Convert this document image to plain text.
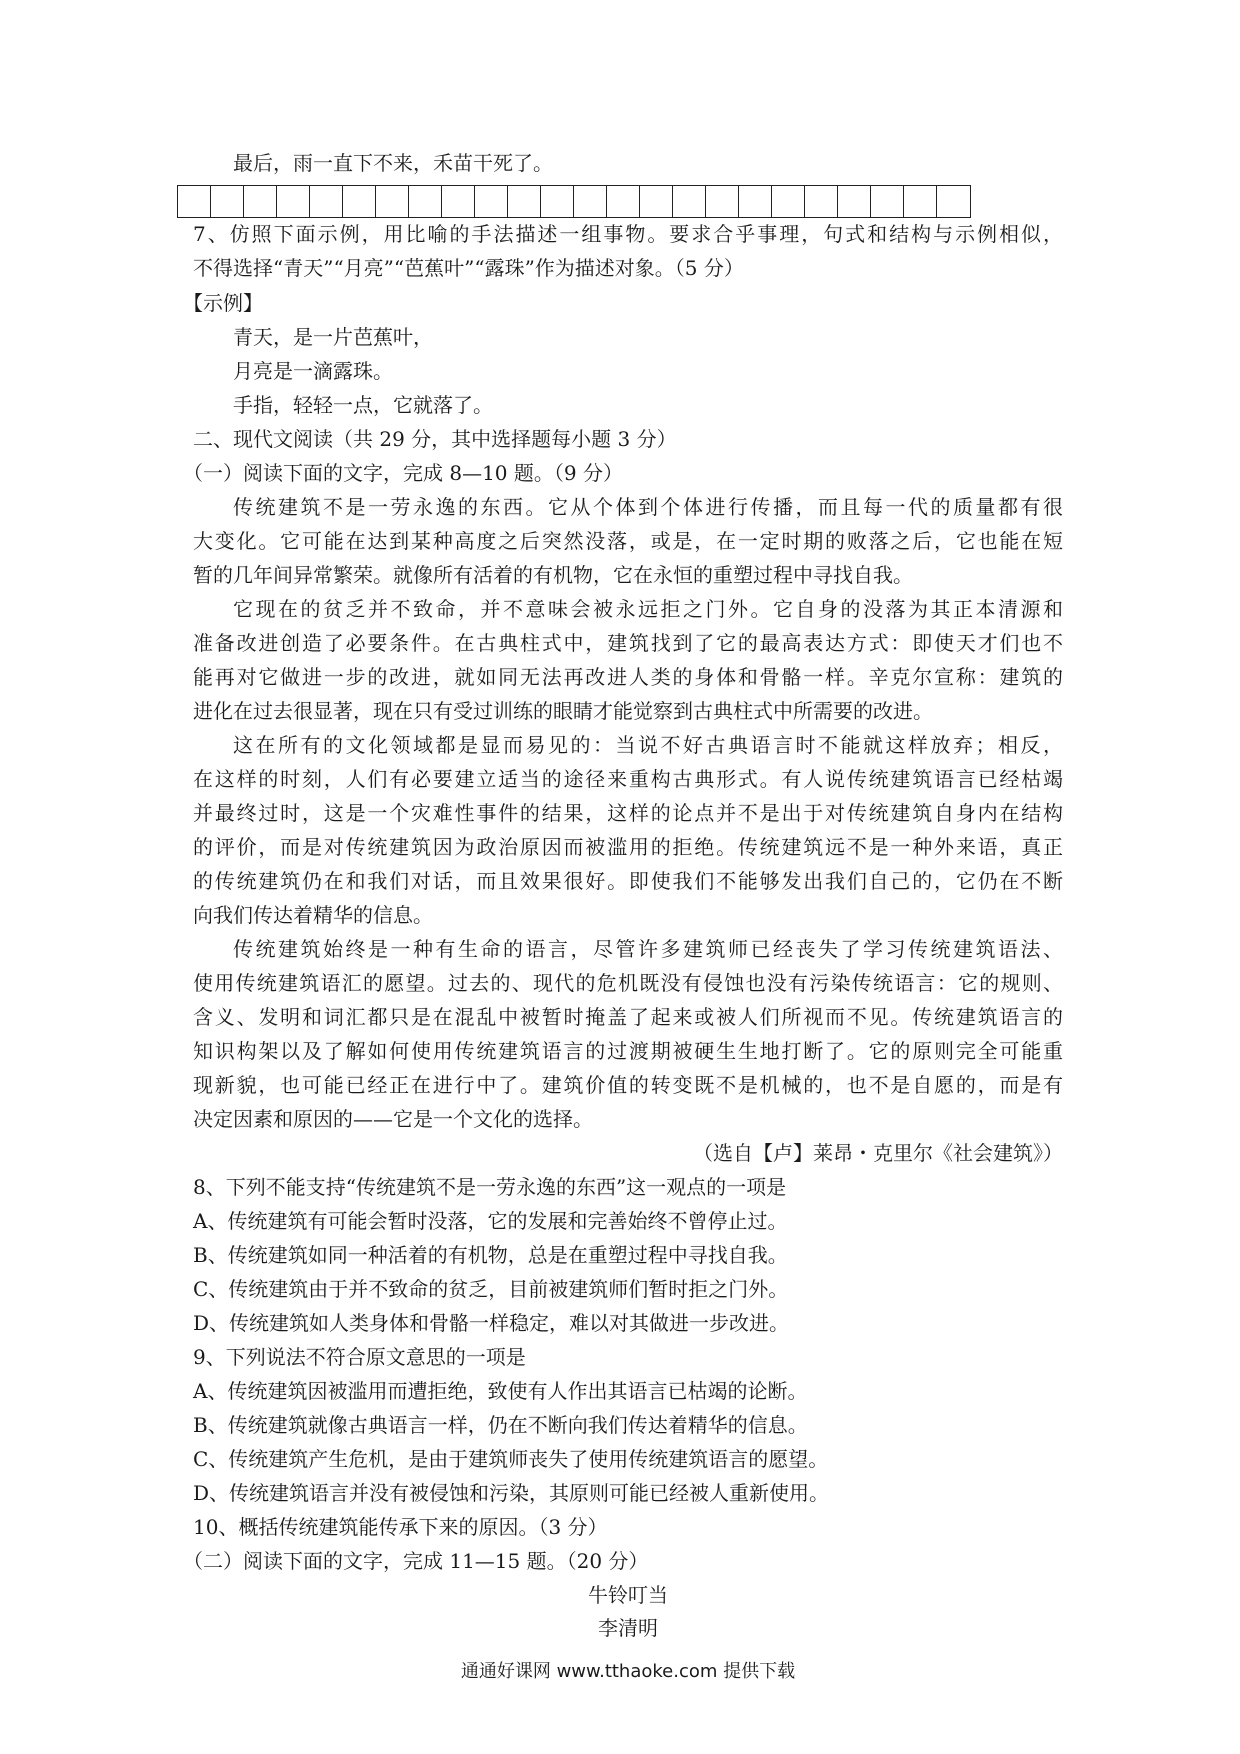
最后，雨一直下不来，禾苗干死了。
7、仿照下面示例，用比喻的手法描述一组事物。要求合乎事理，句式和结构与示例相似，
不得选择“青天”“月亮”“芭蕉叶”“露珠”作为描述对象。（5 分）
【示例】
青天，是一片芭蕉叶，
月亮是一滴露珠。
手指，轻轻一点，它就落了。
二、现代文阅读（共 29 分，其中选择题每小题 3 分）
（一）阅读下面的文字，完成 8—10 题。（9 分）
传统建筑不是一劳永逸的东西。它从个体到个体进行传播，而且每一代的质量都有很
大变化。它可能在达到某种高度之后突然没落，或是，在一定时期的败落之后，它也能在短
暂的几年间异常繁荣。就像所有活着的有机物，它在永恒的重塑过程中寻找自我。
它现在的贫乏并不致命，并不意味会被永远拒之门外。它自身的没落为其正本清源和
准备改进创造了必要条件。在古典柱式中，建筑找到了它的最高表达方式：即使天才们也不
能再对它做进一步的改进，就如同无法再改进人类的身体和骨骼一样。辛克尔宣称：建筑的
进化在过去很显著，现在只有受过训练的眼睛才能觉察到古典柱式中所需要的改进。
这在所有的文化领域都是显而易见的：当说不好古典语言时不能就这样放弃；相反，
在这样的时刻，人们有必要建立适当的途径来重构古典形式。有人说传统建筑语言已经枯竭
并最终过时，这是一个灾难性事件的结果，这样的论点并不是出于对传统建筑自身内在结构
的评价，而是对传统建筑因为政治原因而被滥用的拒绝。传统建筑远不是一种外来语，真正
的传统建筑仍在和我们对话，而且效果很好。即使我们不能够发出我们自己的，它仍在不断
向我们传达着精华的信息。
传统建筑始终是一种有生命的语言，尽管许多建筑师已经丧失了学习传统建筑语法、
使用传统建筑语汇的愿望。过去的、现代的危机既没有侵蚀也没有污染传统语言：它的规则、
含义、发明和词汇都只是在混乱中被暂时掩盖了起来或被人们所视而不见。传统建筑语言的
知识构架以及了解如何使用传统建筑语言的过渡期被硬生生地打断了。它的原则完全可能重
现新貌，也可能已经正在进行中了。建筑价值的转变既不是机械的，也不是自愿的，而是有
决定因素和原因的——它是一个文化的选择。
（选自【卢】莱昂・克里尔《社会建筑》）
8、下列不能支持“传统建筑不是一劳永逸的东西”这一观点的一项是
A、传统建筑有可能会暂时没落，它的发展和完善始终不曾停止过。
B、传统建筑如同一种活着的有机物，总是在重塑过程中寻找自我。
C、传统建筑由于并不致命的贫乏，目前被建筑师们暂时拒之门外。
D、传统建筑如人类身体和骨骼一样稳定，难以对其做进一步改进。
9、下列说法不符合原文意思的一项是
A、传统建筑因被滥用而遭拒绝，致使有人作出其语言已枯竭的论断。
B、传统建筑就像古典语言一样，仍在不断向我们传达着精华的信息。
C、传统建筑产生危机，是由于建筑师丧失了使用传统建筑语言的愿望。
D、传统建筑语言并没有被侵蚀和污染，其原则可能已经被人重新使用。
10、概括传统建筑能传承下来的原因。（3 分）
（二）阅读下面的文字，完成 11—15 题。（20 分）
牛铃叮当
李清明
通通好课网 www.tthaoke.com 提供下载
